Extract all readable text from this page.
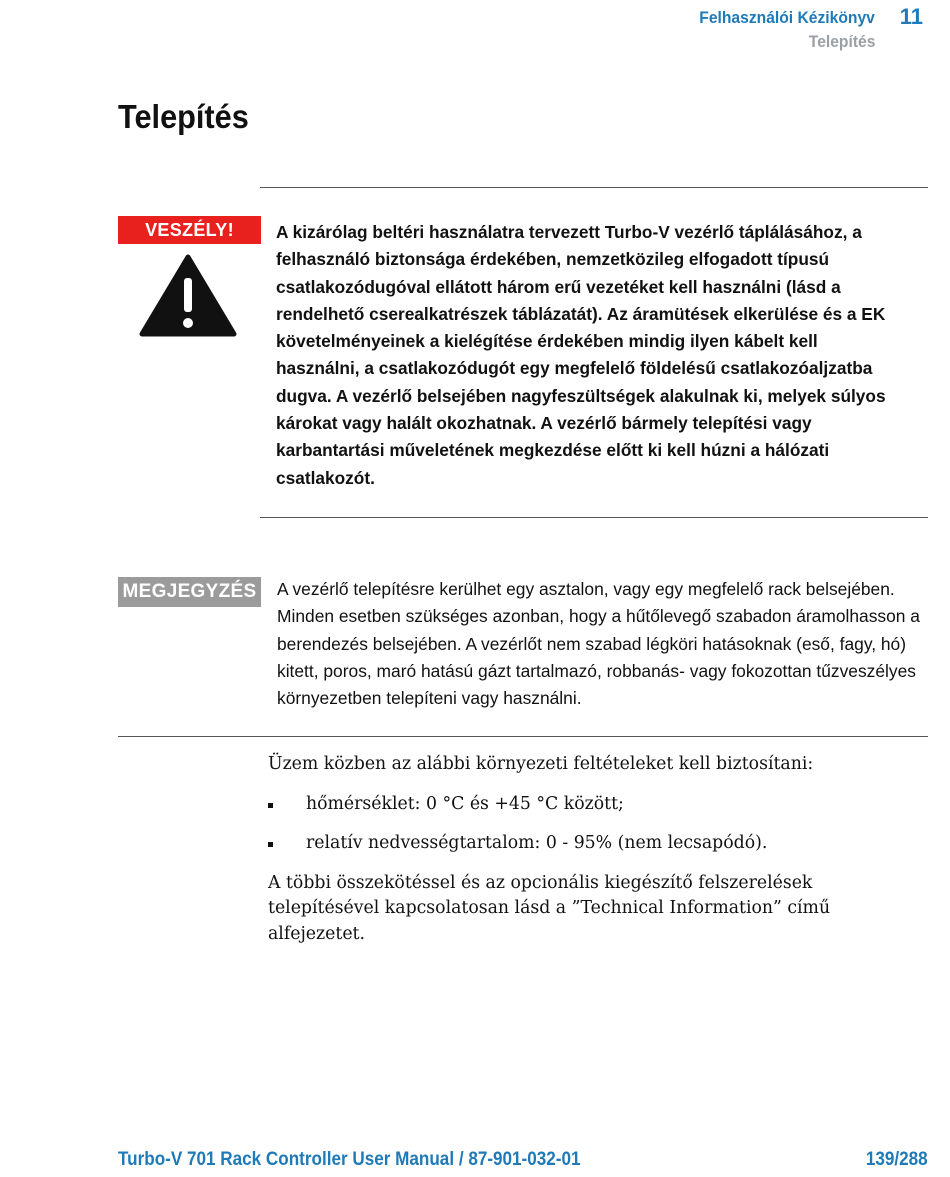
Felhasználói Kézikönyv 11
Telepítés
Telepítés
VESZÉLY!	A kizárólag beltéri használatra tervezett Turbo-V vezérlő táplálásához, a felhasználó biztonsága érdekében, nemzetközileg elfogadott típusú csatlakozódugóval ellátott három erű vezetéket kell használni (lásd a rendelhető cserealkatrészek táblázatát). Az áramütések elkerülése és a EK követelményeinek a kielégítése érdekében mindig ilyen kábelt kell használni, a csatlakozódugót egy megfelelő földelésű csatlakozóaljzatba dugva. A vezérlő belsejében nagyfeszültségek alakulnak ki, melyek súlyos károkat vagy halált okozhatnak. A vezérlő bármely telepítési vagy karbantartási műveletének megkezdése előtt ki kell húzni a hálózati csatlakozót.

MEGJEGYZÉS A vezérlő telepítésre kerülhet egy asztalon, vagy egy megfelelő rack belsejében. Minden esetben szükséges azonban, hogy a hűtőlevegő szabadon áramolhasson a berendezés belsejében. A vezérlőt nem szabad légköri hatásoknak (eső, fagy, hó) kitett, poros, maró hatású gázt tartalmazó, robbanás- vagy fokozottan tűzveszélyes környezetben telepíteni vagy használni.

Üzem közben az alábbi környezeti feltételeket kell biztosítani:

hőmérséklet: 0 °C és +45 °C között;
relatív nedvességtartalom: 0 - 95% (nem lecsapódó).

A többi összekötéssel és az opcionális kiegészítő felszerelések telepítésével kapcsolatosan lásd a ”Technical Information” című alfejezetet.

Turbo-V 701 Rack Controller User Manual / 87-901-032-01	139/288
